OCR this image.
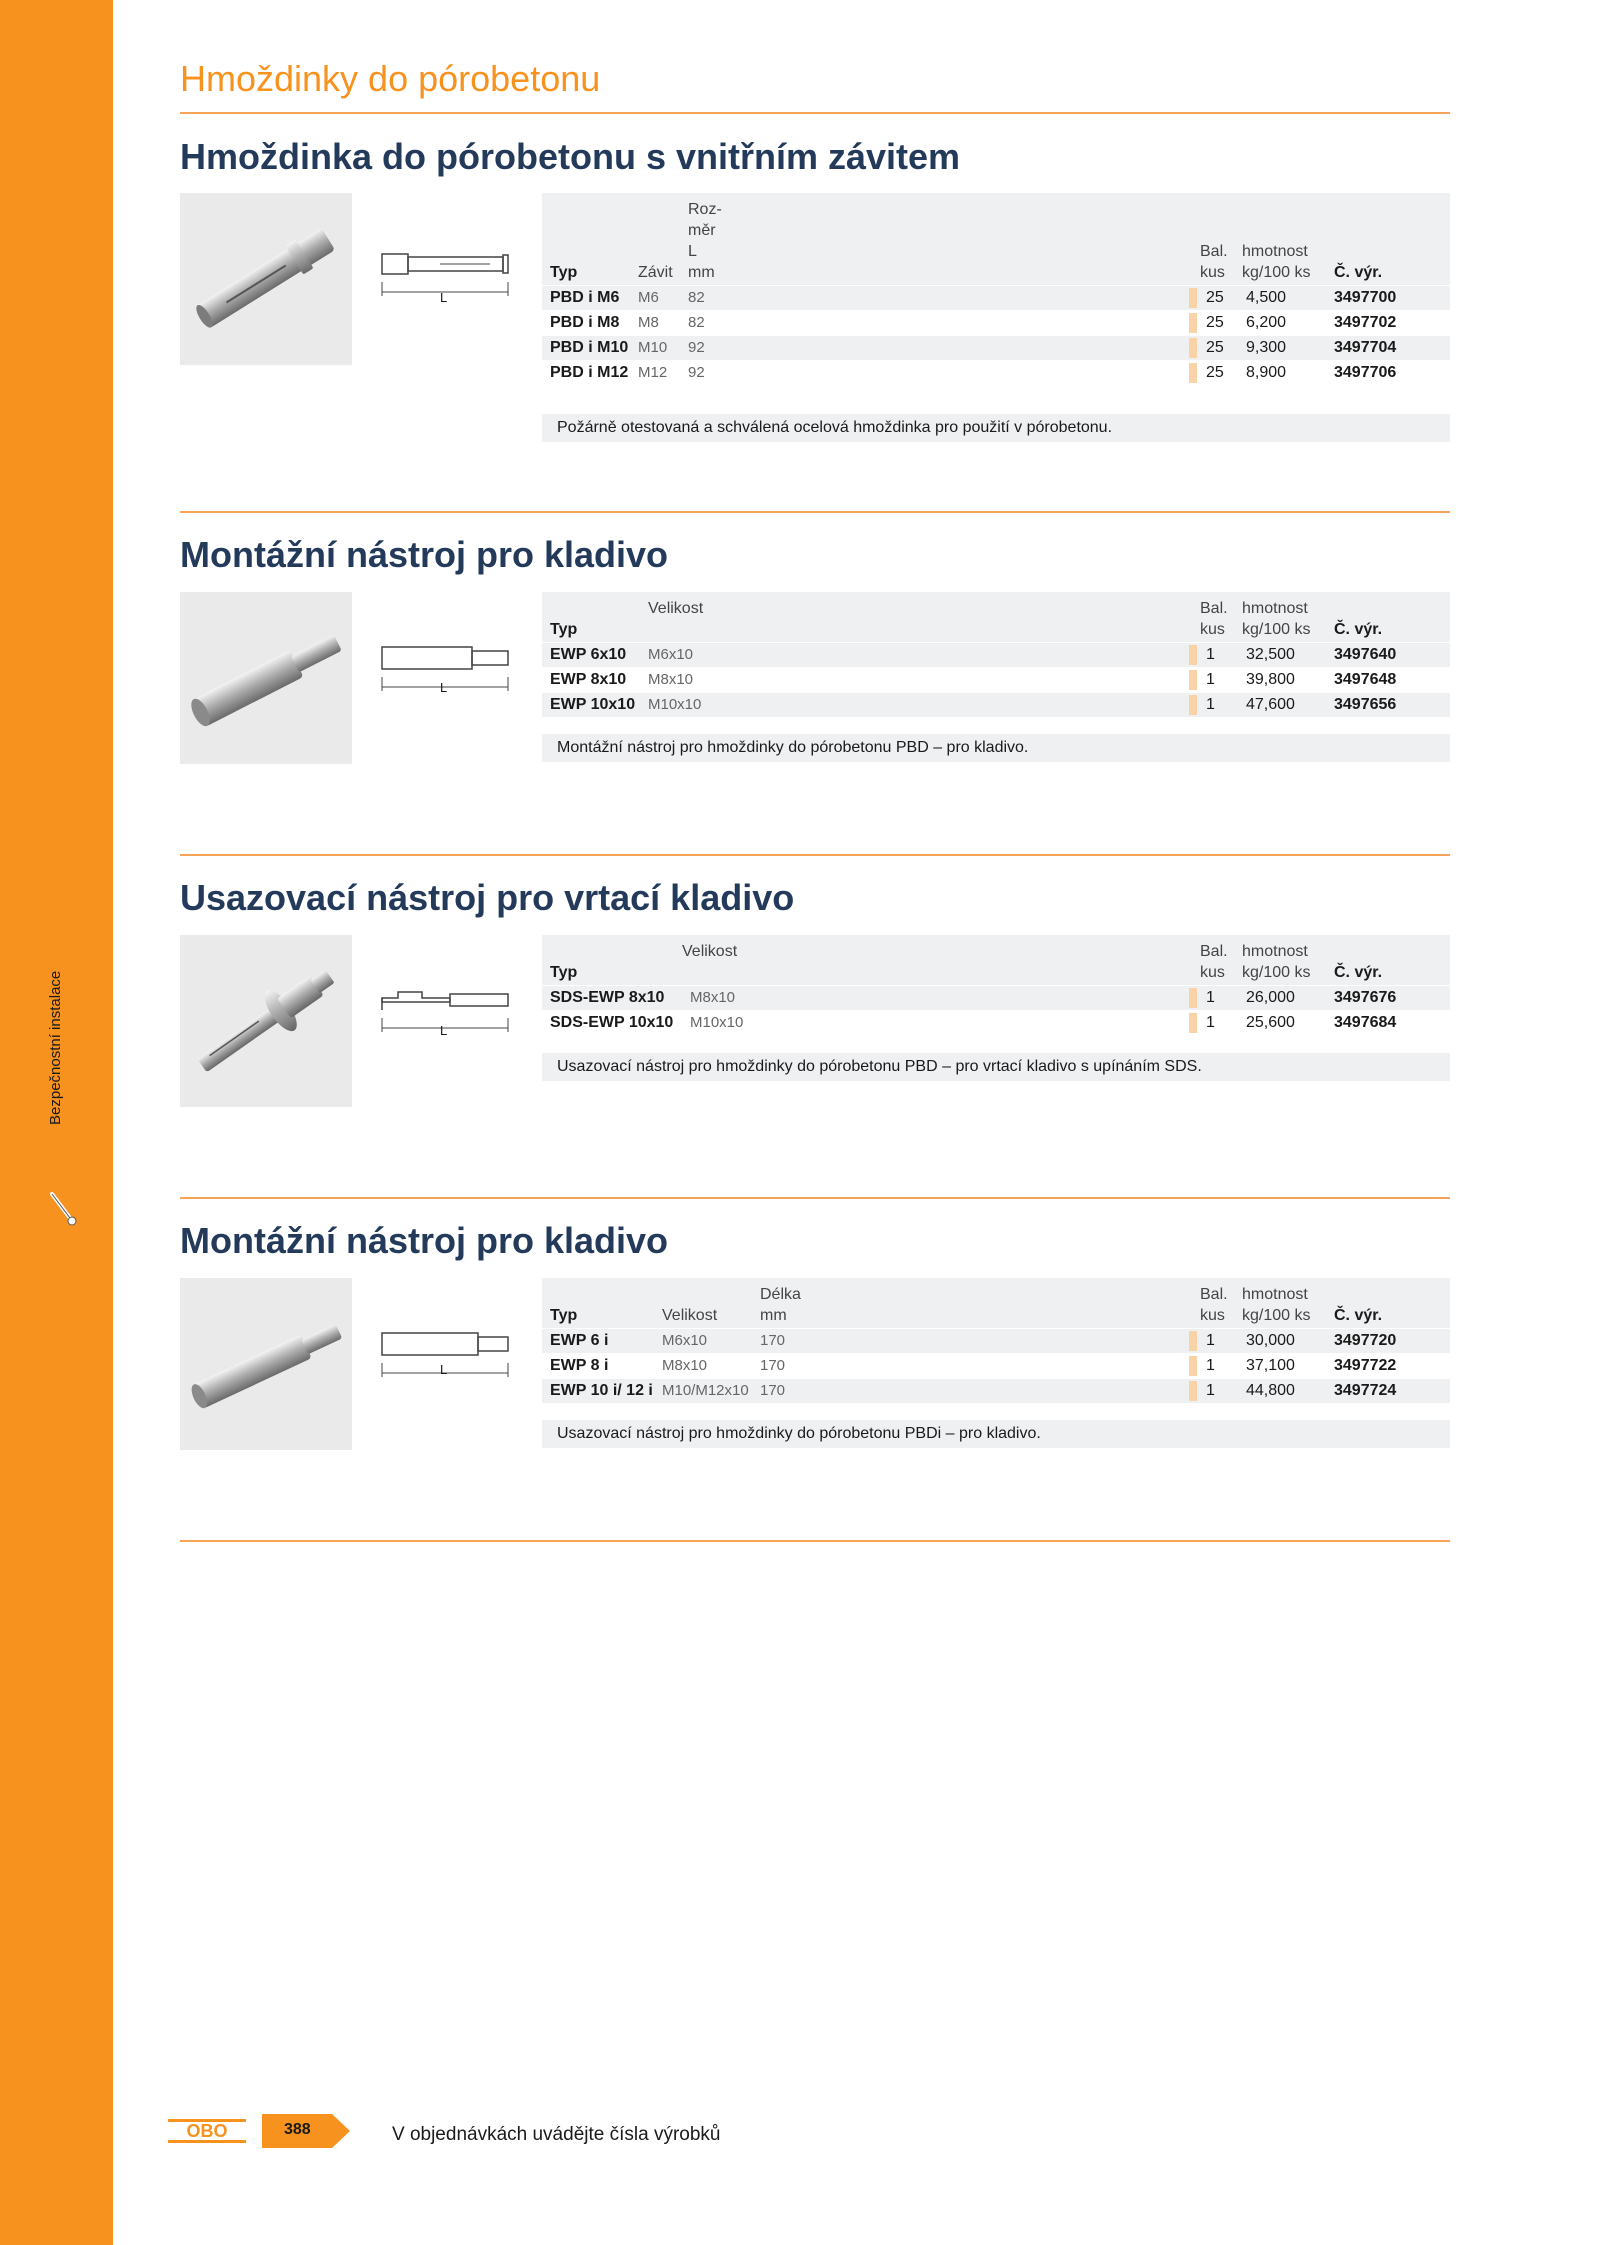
Bezpečnostní instalace
Hmoždinky do pórobetonu
Hmoždinka do pórobetonu s vnitřním závitem
L
Typ	Závit
Roz-
měr
L
mm
Bal.
kus
hmotnost
kg/100 ks Č. výr.
PBD i M6 M6 82	25 4,500	3497700
PBD i M8 M8 82	25 6,200	3497702
PBD i M10 M10 92	25 9,300	3497704
PBD i M12 M12 92	25 8,900	3497706
Požárně otestovaná a schválená ocelová hmoždinka pro použití v pórobetonu.
Montážní nástroj pro kladivo
L
Typ
Velikost	Bal.
kus
hmotnost
kg/100 ks Č. výr.
EWP 6x10 M6x10	1 32,500 3497640
EWP 8x10 M8x10	1 39,800 3497648
EWP 10x10 M10x10	1 47,600 3497656
Montážní nástroj pro hmoždinky do pórobetonu PBD – pro kladivo.
Usazovací nástroj pro vrtací kladivo
L
Typ
Velikost	Bal.
kus
hmotnost
kg/100 ks Č. výr.
SDS-EWP 8x10 M8x10	1 26,000 3497676
SDS-EWP 10x10 M10x10	1 25,600 3497684
Usazovací nástroj pro hmoždinky do pórobetonu PBD – pro vrtací kladivo s upínáním SDS.
Montážní nástroj pro kladivo
L
Typ	Velikost
Délka
mm
Bal.
kus
hmotnost
kg/100 ks Č. výr.
EWP 6 i	M6x10	170	1 30,000 3497720
EWP 8 i	M8x10	170	1 37,100 3497722
EWP 10 i/ 12 i M10/M12x10 170	1 44,800 3497724
Usazovací nástroj pro hmoždinky do pórobetonu PBDi – pro kladivo.
OBO	388	V objednávkách uvádějte čísla výrobků
